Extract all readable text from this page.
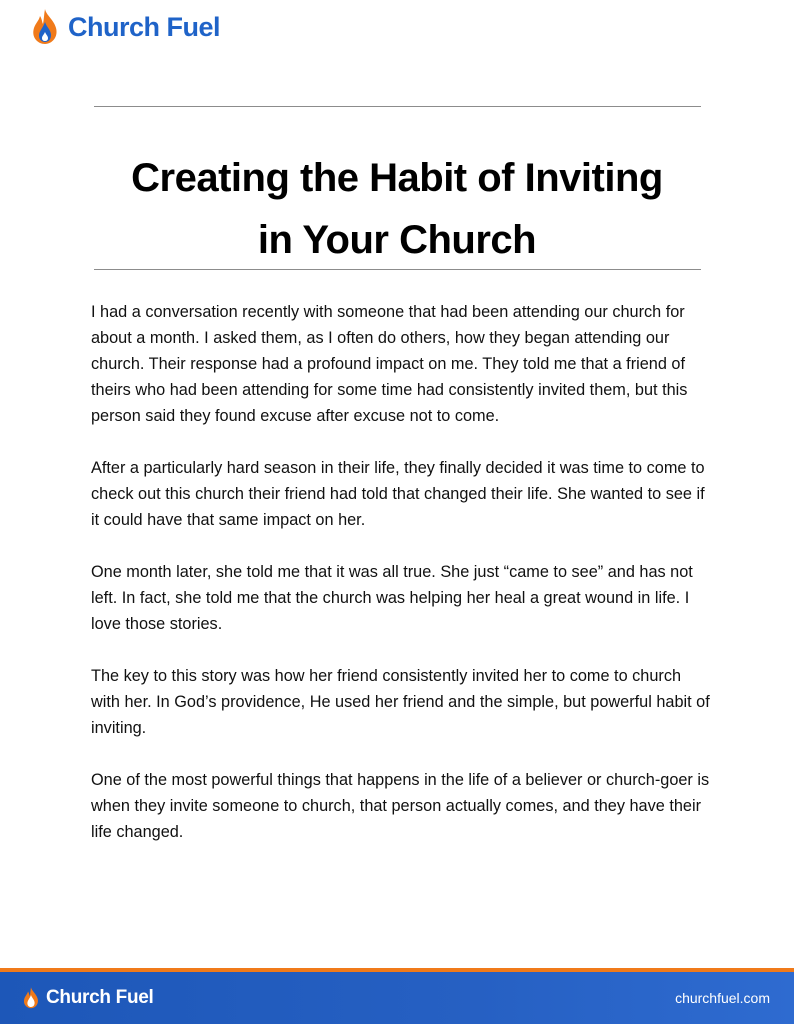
Church Fuel
Creating the Habit of Inviting
in Your Church

I had a conversation recently with someone that had been attending our church for about a month. I asked them, as I often do others, how they began attending our church. Their response had a profound impact on me. They told me that a friend of theirs who had been attending for some time had consistently invited them, but this person said they found excuse after excuse not to come.

After a particularly hard season in their life, they finally decided it was time to come to check out this church their friend had told that changed their life. She wanted to see if it could have that same impact on her.

One month later, she told me that it was all true. She just “came to see” and has not left. In fact, she told me that the church was helping her heal a great wound in life. I love those stories.

The key to this story was how her friend consistently invited her to come to church with her. In God’s providence, He used her friend and the simple, but powerful habit of inviting.

One of the most powerful things that happens in the life of a believer or church-goer is when they invite someone to church, that person actually comes, and they have their life changed.

Church Fuel	churchfuel.com
